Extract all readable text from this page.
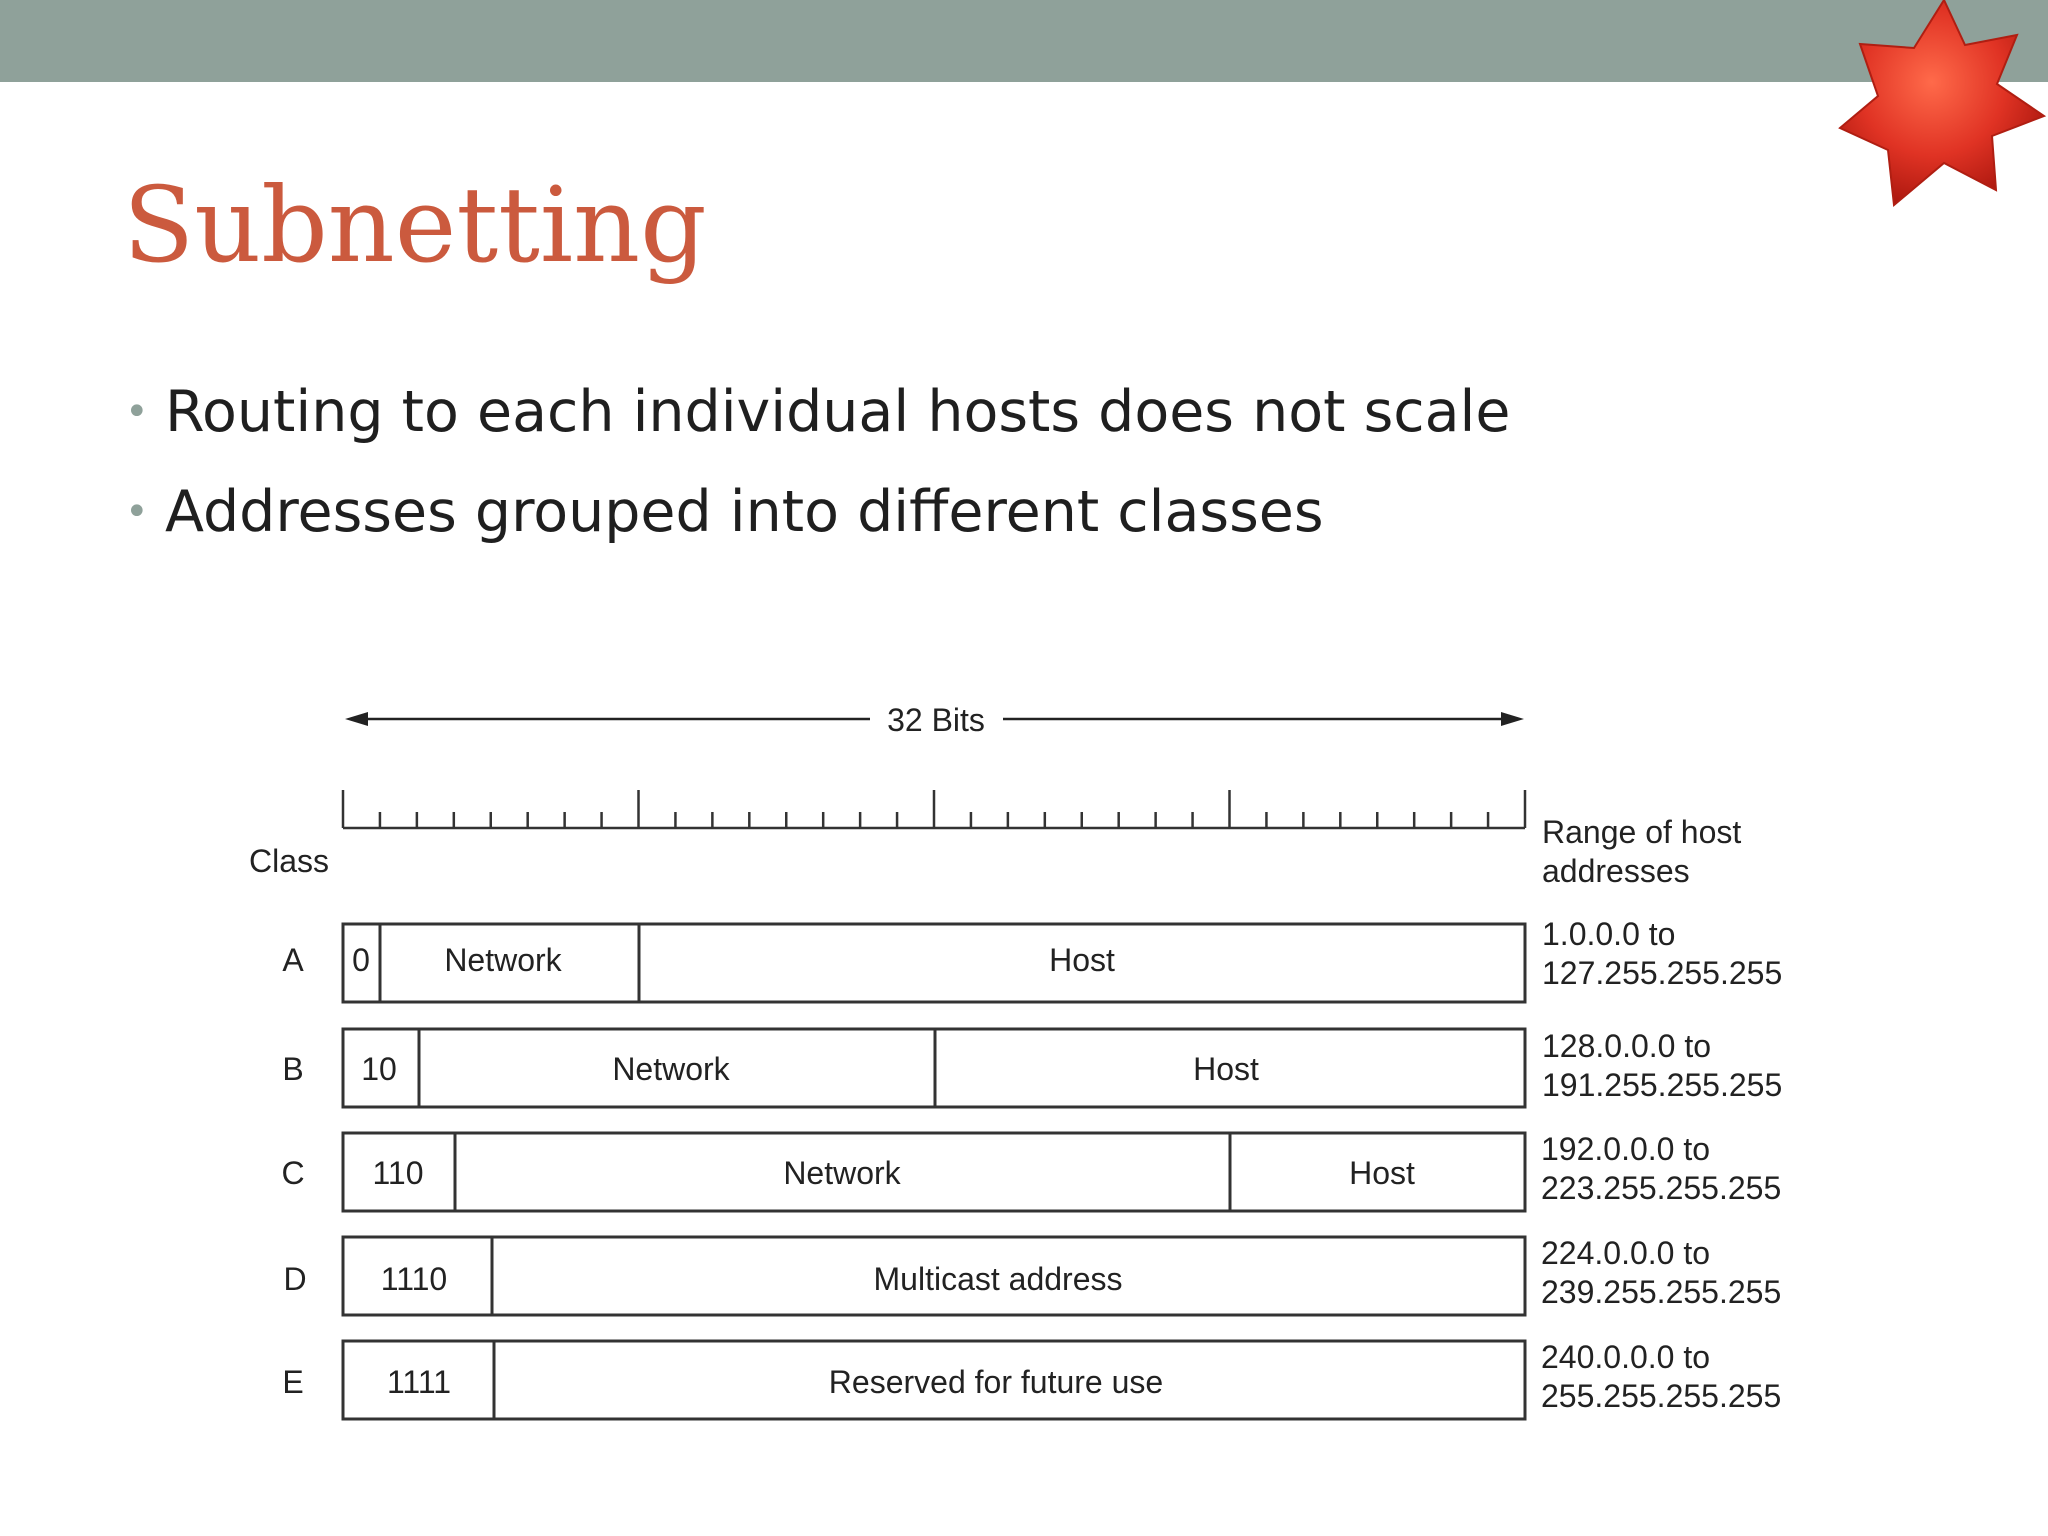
Subnetting
• Routing to each individual hosts does not scale
• Addresses grouped into different classes
32 Bits
Class
Range of host
addresses
A 0 Network	Host
1.0.0.0 to
127.255.255.255
B 10	Network	Host
128.0.0.0 to
191.255.255.255
C 110	Network	Host
192.0.0.0 to
223.255.255.255
D 1110	Multicast address
224.0.0.0 to
239.255.255.255
E	1111	Reserved for future use
240.0.0.0 to
255.255.255.255
